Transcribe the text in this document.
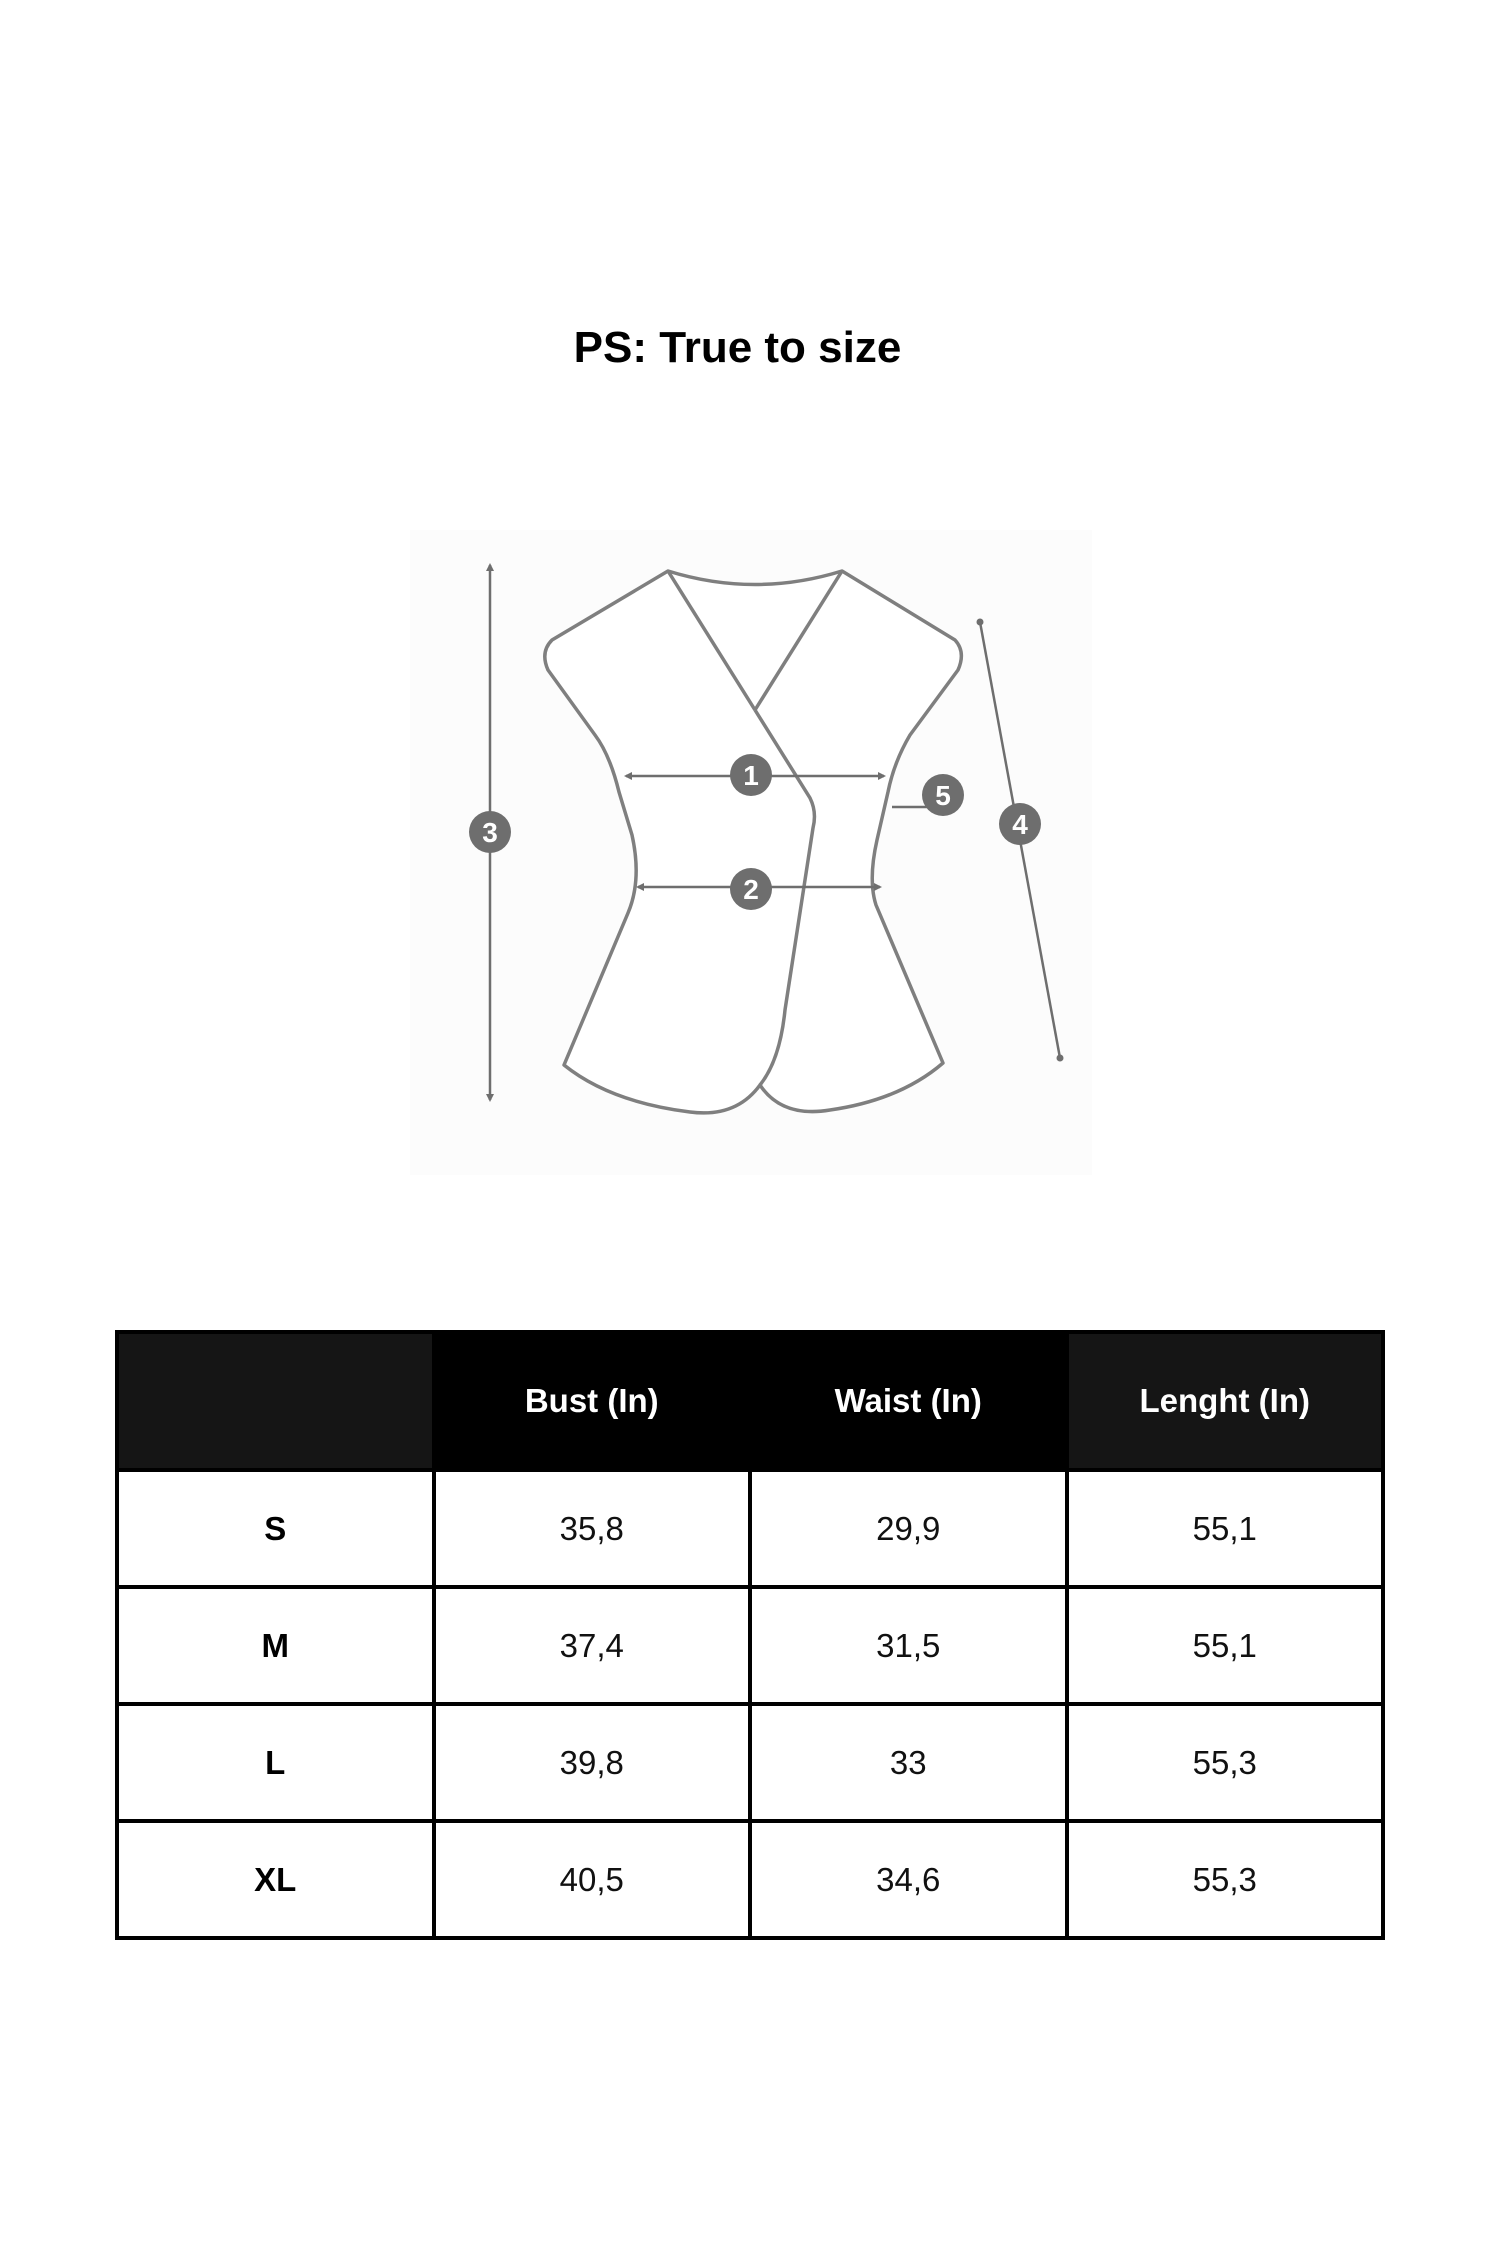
PS: True to size
1
2
3	4
5
	Bust (In)	Waist (In)	Lenght (In)
S	35,8	29,9	55,1
M	37,4	31,5	55,1
L	39,8	33	55,3
XL	40,5	34,6	55,3
